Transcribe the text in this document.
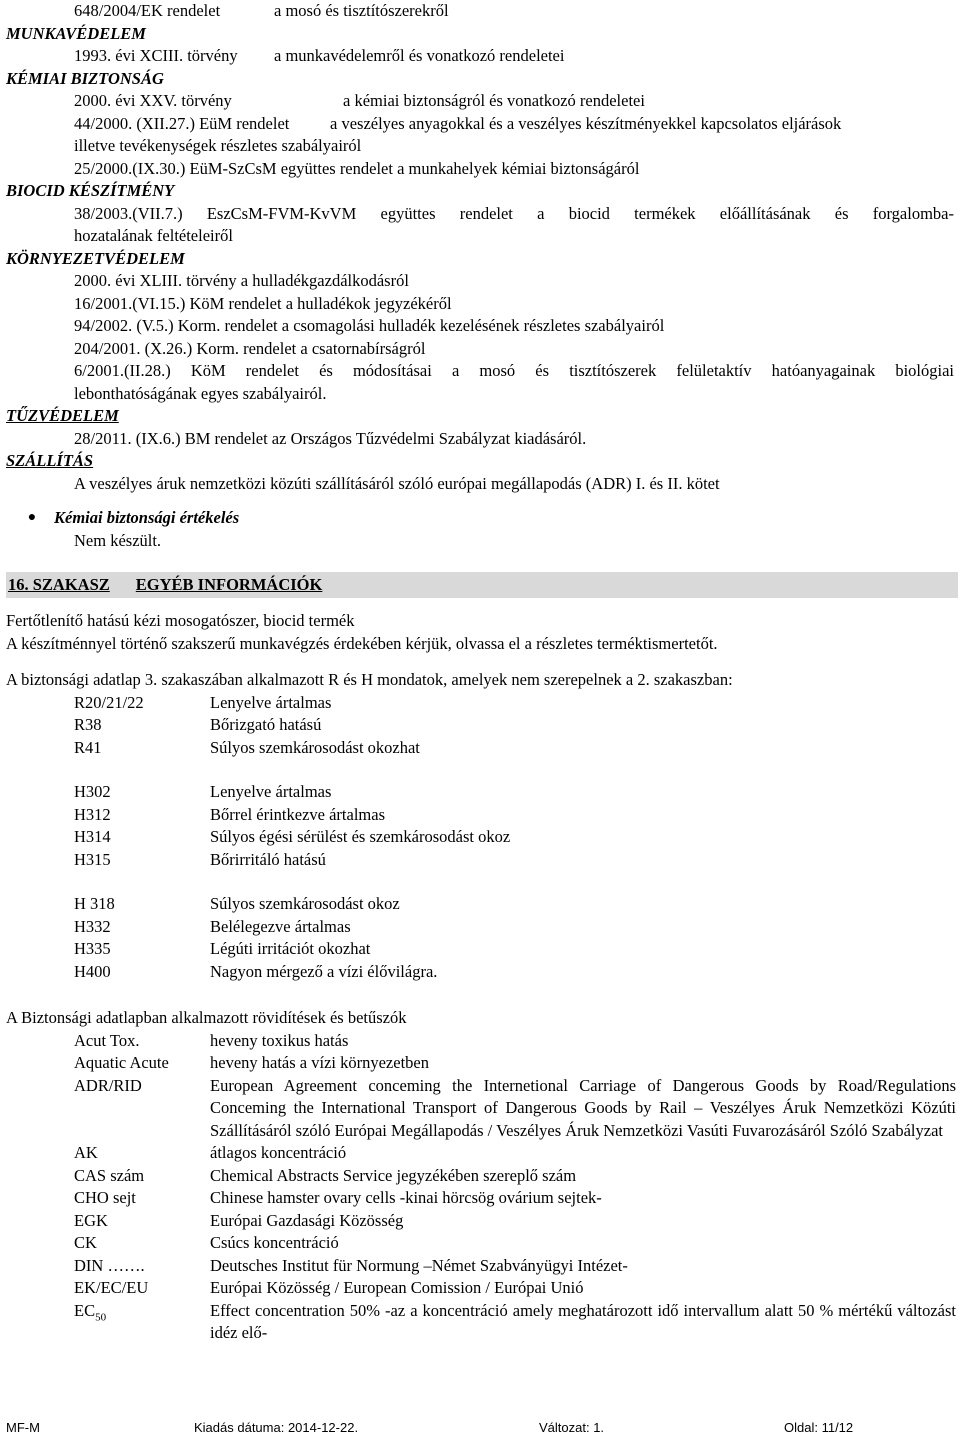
648/2004/EK rendelet	a mosó és tisztítószerekről
MUNKAVÉDELEM
1993. évi XCIII. törvény	a munkavédelemről és vonatkozó rendeletei
KÉMIAI BIZTONSÁG
2000. évi XXV. törvény	a kémiai biztonságról és vonatkozó rendeletei
44/2000. (XII.27.) EüM rendelet	a veszélyes anyagokkal és a veszélyes készítményekkel kapcsolatos eljárások
illetve tevékenységek részletes szabályairól
25/2000.(IX.30.) EüM-SzCsM együttes rendelet a munkahelyek kémiai biztonságáról
BIOCID KÉSZÍTMÉNY

38/2003.(VII.7.) EszCsM-FVM-KvVM együttes rendelet a biocid termékek előállításának és forgalomba-

hozatalának feltételeiről

KÖRNYEZETVÉDELEM
2000. évi XLIII. törvény a hulladékgazdálkodásról
16/2001.(VI.15.) KöM rendelet a hulladékok jegyzékéről
94/2002. (V.5.) Korm. rendelet a csomagolási hulladék kezelésének részletes szabályairól
204/2001. (X.26.) Korm. rendelet a csatornabírságról

6/2001.(II.28.) KöM rendelet és módosításai a mosó és tisztítószerek felületaktív hatóanyagainak biológiai

lebonthatóságának egyes szabályairól.

TŰZVÉDELEM
28/2011. (IX.6.) BM rendelet az Országos Tűzvédelmi Szabályzat kiadásáról.
SZÁLLÍTÁS
A veszélyes áruk nemzetközi közúti szállításáról szóló európai megállapodás (ADR) I. és II. kötet
●	Kémiai biztonsági értékelés
Nem készült.
16. SZAKASZ EGYÉB INFORMÁCIÓK

Fertőtlenítő hatású kézi mosogatószer, biocid termék

A készítménnyel történő szakszerű munkavégzés érdekében kérjük, olvassa el a részletes terméktismertetőt.

A biztonsági adatlap 3. szakaszában alkalmazott R és H mondatok, amelyek nem szerepelnek a 2. szakaszban:

R20/21/22	Lenyelve ártalmas
R38	Bőrizgató hatású
R41	Súlyos szemkárosodást okozhat
H302	Lenyelve ártalmas
H312	Bőrrel érintkezve ártalmas
H314	Súlyos égési sérülést és szemkárosodást okoz
H315	Bőrirritáló hatású
H 318	Súlyos szemkárosodást okoz
H332	Belélegezve ártalmas
H335	Légúti irritációt okozhat
H400	Nagyon mérgező a vízi élővilágra.

A Biztonsági adatlapban alkalmazott rövidítések és betűszók

Acut Tox.	heveny toxikus hatás
Aquatic Acute	heveny hatás a vízi környezetben
ADR/RID	European Agreement conceming the Internetional Carriage of Dangerous Goods by Road/Regulations Conceming the International Transport of Dangerous Goods by Rail – Veszélyes Áruk Nemzetközi Közúti Szállításáról szóló Európai Megállapodás / Veszélyes Áruk Nemzetközi Vasúti Fuvarozásáról Szóló Szabályzat
AK	átlagos koncentráció
CAS szám	Chemical Abstracts Service jegyzékében szereplő szám
CHO sejt	Chinese hamster ovary cells -kinai hörcsög ovárium sejtek-
EGK	Európai Gazdasági Közösség
CK	Csúcs koncentráció
DIN …….	Deutsches Institut für Normung –Német Szabványügyi Intézet-
EK/EC/EU	Európai Közösség / European Comission / Európai Unió
$EC_{50}$	Effect concentration 50% -az a koncentráció amely meghatározott idő intervallum alatt 50 % mértékű változást idéz elő-
MF-M	Kiadás dátuma: 2014-12-22.	Változat: 1.	Oldal: 11/12
